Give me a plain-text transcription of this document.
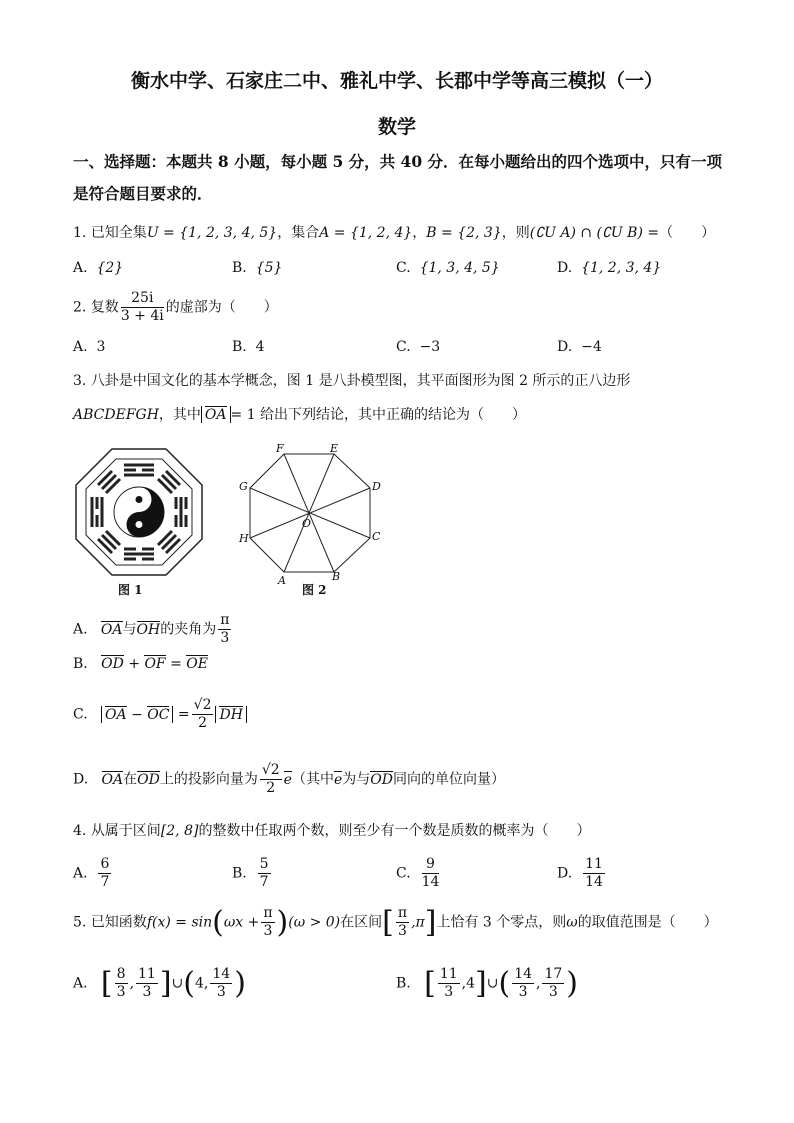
衡水中学、石家庄二中、雅礼中学、长郡中学等高三模拟（一）
数学
一、选择题：本题共 8 小题，每小题 5 分，共 40 分．在每小题给出的四个选项中，只有一项
是符合题目要求的．
1. 已知全集U = {1, 2, 3, 4, 5}，集合A = {1, 2, 4}，B = {2, 3}，则(∁U A) ∩ (∁U B) =（　　）
A. {2}	B. {5}	C. {1, 3, 4, 5}	D. {1, 2, 3, 4}
2. 复数 $\frac{25i}{3 + 4i}$ 的虚部为（　　）
A. 3	B. 4	C. −3	D. −4
3. 八卦是中国文化的基本学概念，图 1 是八卦模型图，其平面图形为图 2 所示的正八边形
ABCDEFGH，其中 OA = 1 给出下列结论，其中正确的结论为（　　）
图 1
F	E
G	D
H	C
A	B
O
图 2
A. OA与OH的夹角为 $\frac{\pi}{3}$
B. OD + OF = OE
C. OA − OC = $\frac{√2}{2}$ DH
D. OA在OD上的投影向量为 $\frac{√2}{2} e$（其中e为与OD同向的单位向量）
4. 从属于区间[2, 8]的整数中任取两个数，则至少有一个数是质数的概率为（　　）
A. $\frac{6}{7}$	B. $\frac{5}{7}$	C. $\frac{9}{14}$	D. $\frac{11}{14}$
5. 已知函数$f(x) = \sin(\omega x + \frac{\pi}{3} )(\omega > 0)$在区间[ $\frac{\pi}{3} ,\pi$]上恰有 3 个零点，则ω的取值范围是（　　）
A. [ $\frac{8}{3}$ , $\frac{11}{3}$ ]∪(4, $\frac{14}{3}$ )	B. [ $\frac{11}{3}$ ,4]∪( $\frac{14}{3}$ , $\frac{17}{3}$ )
